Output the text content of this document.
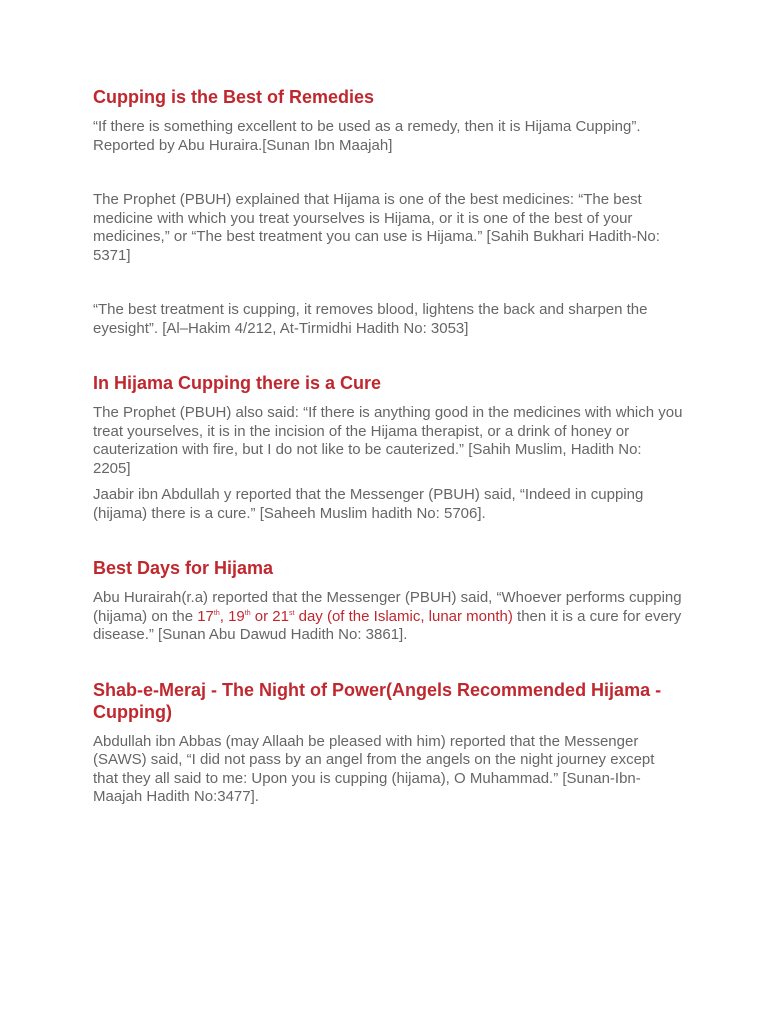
Cupping is the Best of Remedies

“If there is something excellent to be used as a remedy, then it is Hijama Cupping”.
Reported by Abu Huraira.[Sunan Ibn Maajah]

The Prophet (PBUH) explained that Hijama is one of the best medicines: “The best medicine with which you treat yourselves is Hijama, or it is one of the best of your medicines,” or “The best treatment you can use is Hijama.” [Sahih Bukhari Hadith-No: 5371]

“The best treatment is cupping, it removes blood, lightens the back and sharpen the eyesight”. [Al–Hakim 4/212, At-Tirmidhi Hadith No: 3053]

In Hijama Cupping there is a Cure

The Prophet (PBUH) also said: “If there is anything good in the medicines with which you treat yourselves, it is in the incision of the Hijama therapist, or a drink of honey or cauterization with fire, but I do not like to be cauterized.” [Sahih Muslim, Hadith No: 2205]

Jaabir ibn Abdullah y reported that the Messenger (PBUH) said, “Indeed in cupping (hijama) there is a cure.” [Saheeh Muslim hadith No: 5706].

Best Days for Hijama

Abu Hurairah(r.a) reported that the Messenger (PBUH) said, “Whoever performs cupping (hijama) on the 17th, 19th or 21st day (of the Islamic, lunar month) then it is a cure for every disease.” [Sunan Abu Dawud Hadith No: 3861].

Shab-e-Meraj - The Night of Power(Angels Recommended Hijama - Cupping)

Abdullah ibn Abbas (may Allaah be pleased with him) reported that the Messenger (SAWS) said, “I did not pass by an angel from the angels on the night journey except that they all said to me: Upon you is cupping (hijama), O Muhammad.” [Sunan-Ibn-Maajah Hadith No:3477].
